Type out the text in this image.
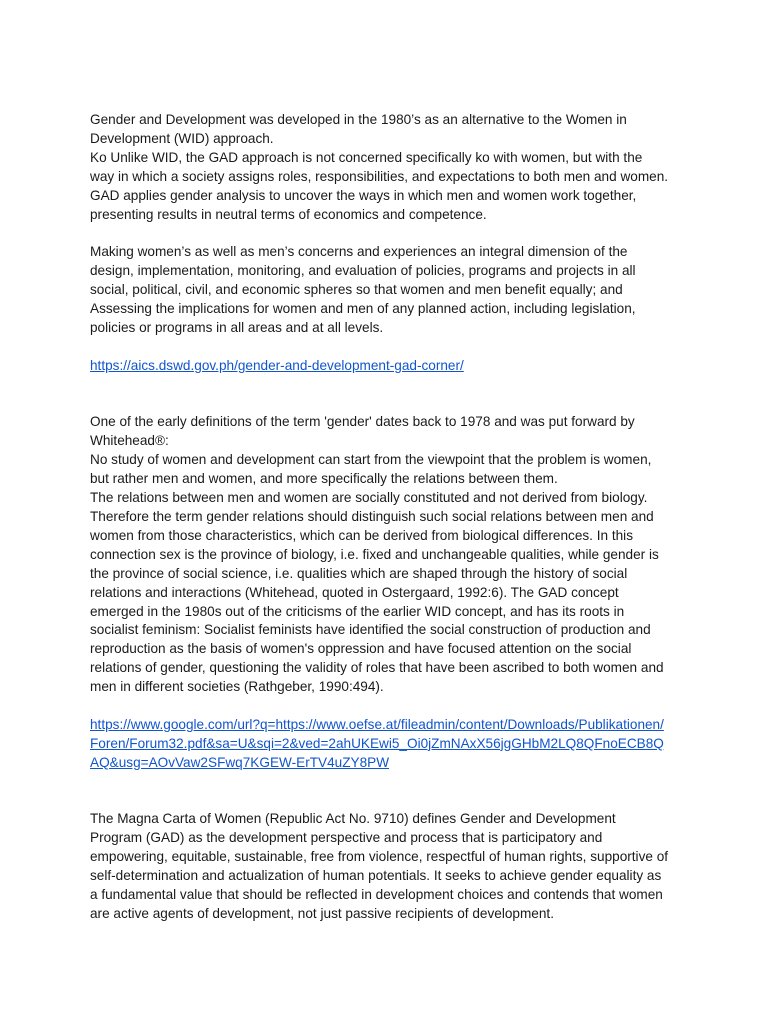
Gender and Development was developed in the 1980’s as an alternative to the Women in
Development (WID) approach.
Ko Unlike WID, the GAD approach is not concerned specifically ko with women, but with the
way in which a society assigns roles, responsibilities, and expectations to both men and women.
GAD applies gender analysis to uncover the ways in which men and women work together,
presenting results in neutral terms of economics and competence.

Making women’s as well as men’s concerns and experiences an integral dimension of the
design, implementation, monitoring, and evaluation of policies, programs and projects in all
social, political, civil, and economic spheres so that women and men benefit equally; and
Assessing the implications for women and men of any planned action, including legislation,
policies or programs in all areas and at all levels.

https://aics.dswd.gov.ph/gender-and-development-gad-corner/

One of the early definitions of the term 'gender' dates back to 1978 and was put forward by
Whitehead®:
No study of women and development can start from the viewpoint that the problem is women,
but rather men and women, and more specifically the relations between them.
The relations between men and women are socially constituted and not derived from biology.
Therefore the term gender relations should distinguish such social relations between men and
women from those characteristics, which can be derived from biological differences. In this
connection sex is the province of biology, i.e. fixed and unchangeable qualities, while gender is
the province of social science, i.e. qualities which are shaped through the history of social
relations and interactions (Whitehead, quoted in Ostergaard, 1992:6). The GAD concept
emerged in the 1980s out of the criticisms of the earlier WID concept, and has its roots in
socialist feminism: Socialist feminists have identified the social construction of production and
reproduction as the basis of women's oppression and have focused attention on the social
relations of gender, questioning the validity of roles that have been ascribed to both women and
men in different societies (Rathgeber, 1990:494).

https://www.google.com/url?q=https://www.oefse.at/fileadmin/content/Downloads/Publikationen/
Foren/Forum32.pdf&sa=U&sqi=2&ved=2ahUKEwi5_Oi0jZmNAxX56jgGHbM2LQ8QFnoECB8Q
AQ&usg=AOvVaw2SFwq7KGEW-ErTV4uZY8PW

The Magna Carta of Women (Republic Act No. 9710) defines Gender and Development
Program (GAD) as the development perspective and process that is participatory and
empowering, equitable, sustainable, free from violence, respectful of human rights, supportive of
self-determination and actualization of human potentials. It seeks to achieve gender equality as
a fundamental value that should be reflected in development choices and contends that women
are active agents of development, not just passive recipients of development.
